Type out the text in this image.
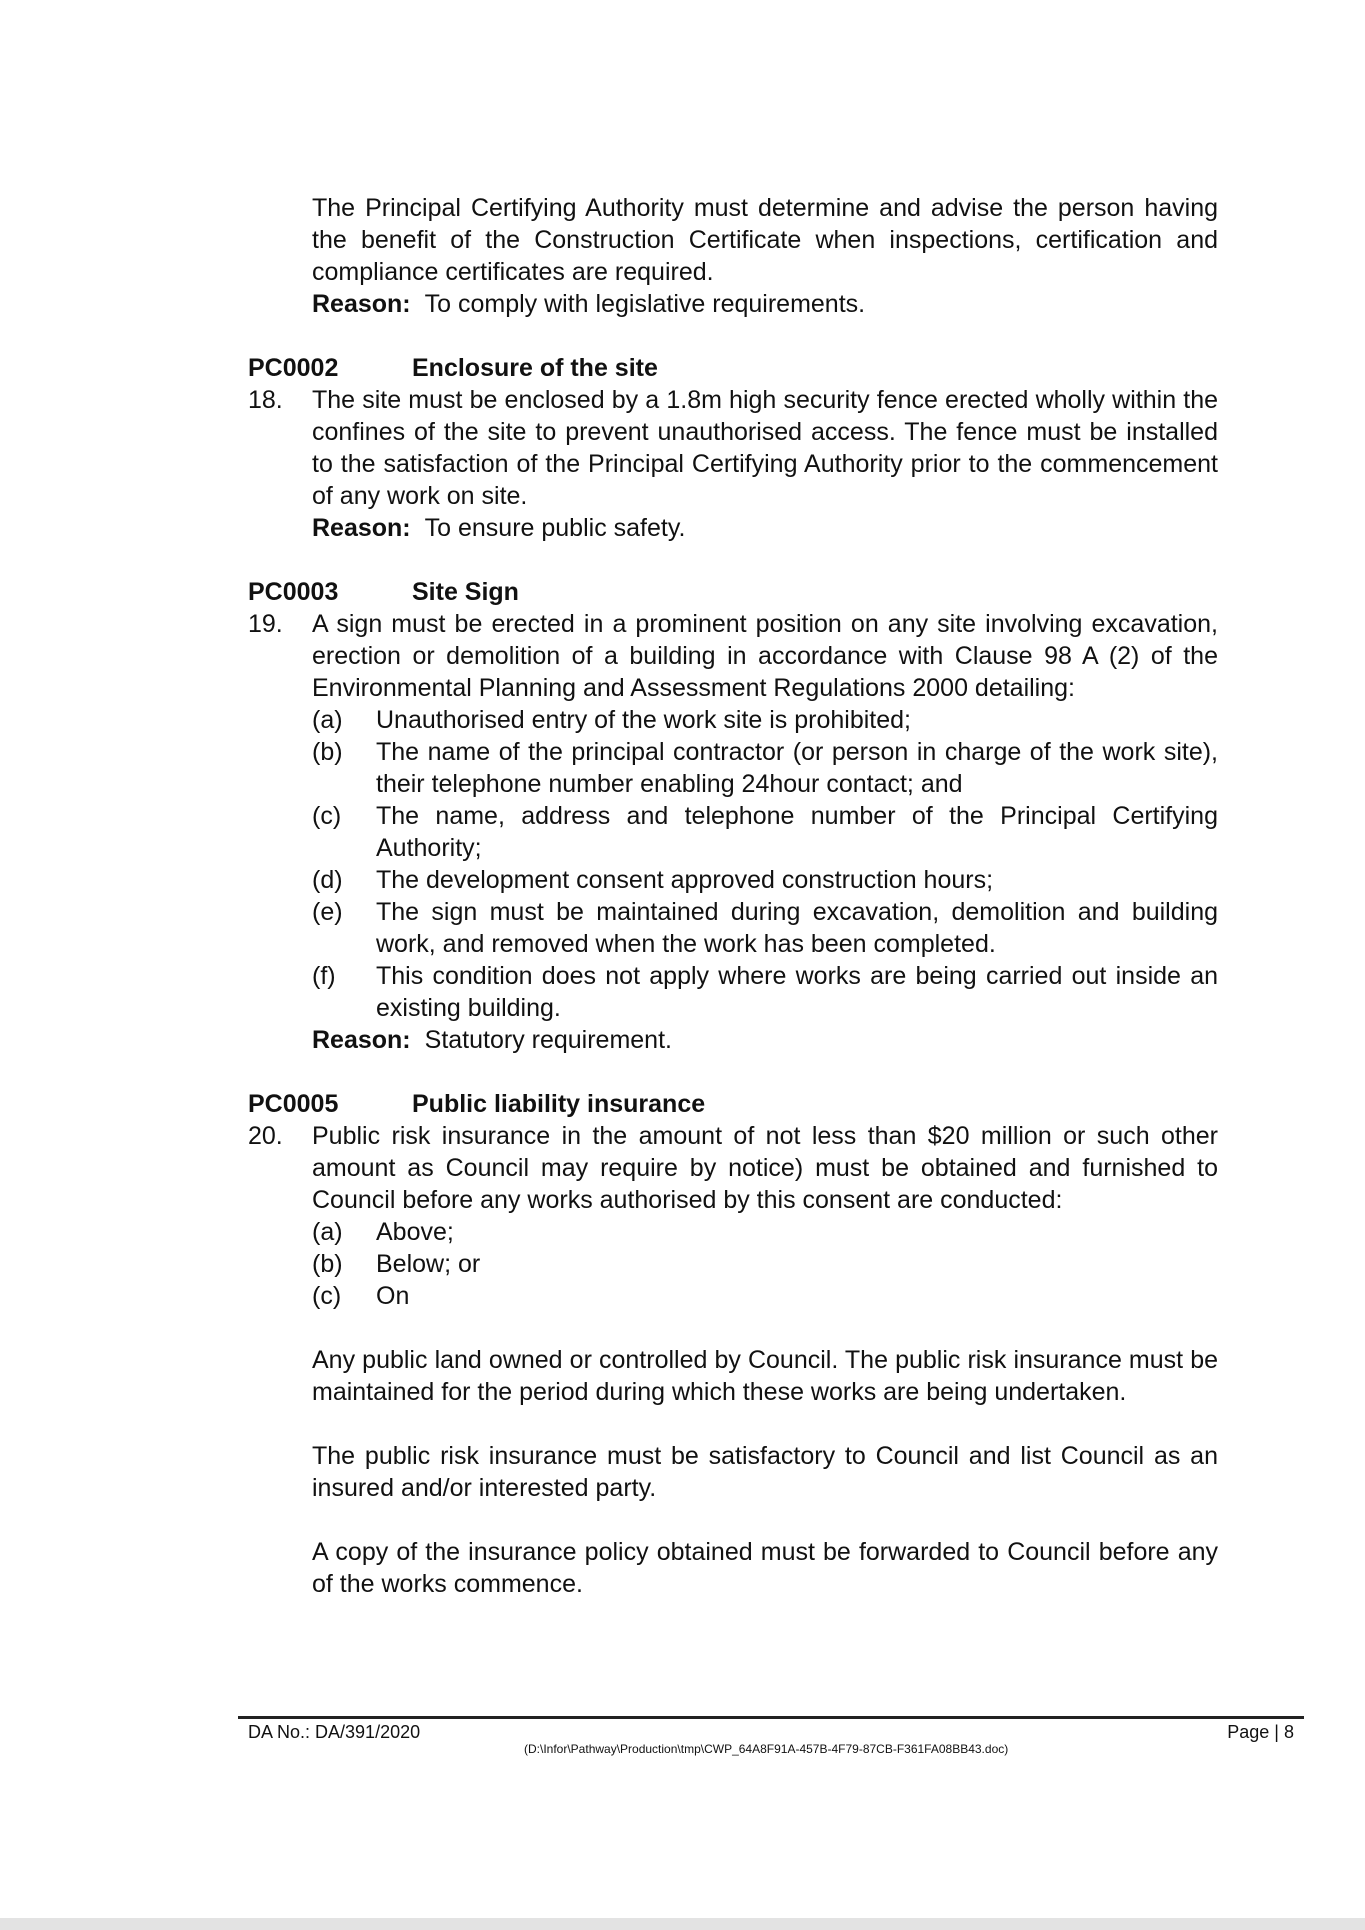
The Principal Certifying Authority must determine and advise the person having the benefit of the Construction Certificate when inspections, certification and compliance certificates are required.
Reason: To comply with legislative requirements.
PC0002	Enclosure of the site
18.	The site must be enclosed by a 1.8m high security fence erected wholly within the confines of the site to prevent unauthorised access. The fence must be installed to the satisfaction of the Principal Certifying Authority prior to the commencement of any work on site.
Reason: To ensure public safety.
PC0003	Site Sign
19.	A sign must be erected in a prominent position on any site involving excavation, erection or demolition of a building in accordance with Clause 98 A (2) of the Environmental Planning and Assessment Regulations 2000 detailing:
(a)	Unauthorised entry of the work site is prohibited;
(b)	The name of the principal contractor (or person in charge of the work site), their telephone number enabling 24hour contact; and
(c)	The name, address and telephone number of the Principal Certifying Authority;
(d)	The development consent approved construction hours;
(e)	The sign must be maintained during excavation, demolition and building work, and removed when the work has been completed.
(f)	This condition does not apply where works are being carried out inside an existing building.
Reason: Statutory requirement.
PC0005	Public liability insurance
20.	Public risk insurance in the amount of not less than $20 million or such other amount as Council may require by notice) must be obtained and furnished to Council before any works authorised by this consent are conducted:
(a)	Above;
(b)	Below; or
(c)	On
Any public land owned or controlled by Council. The public risk insurance must be maintained for the period during which these works are being undertaken.
The public risk insurance must be satisfactory to Council and list Council as an insured and/or interested party.
A copy of the insurance policy obtained must be forwarded to Council before any of the works commence.
DA No.: DA/391/2020	Page | 8
(D:\Infor\Pathway\Production\tmp\CWP_64A8F91A-457B-4F79-87CB-F361FA08BB43.doc)
